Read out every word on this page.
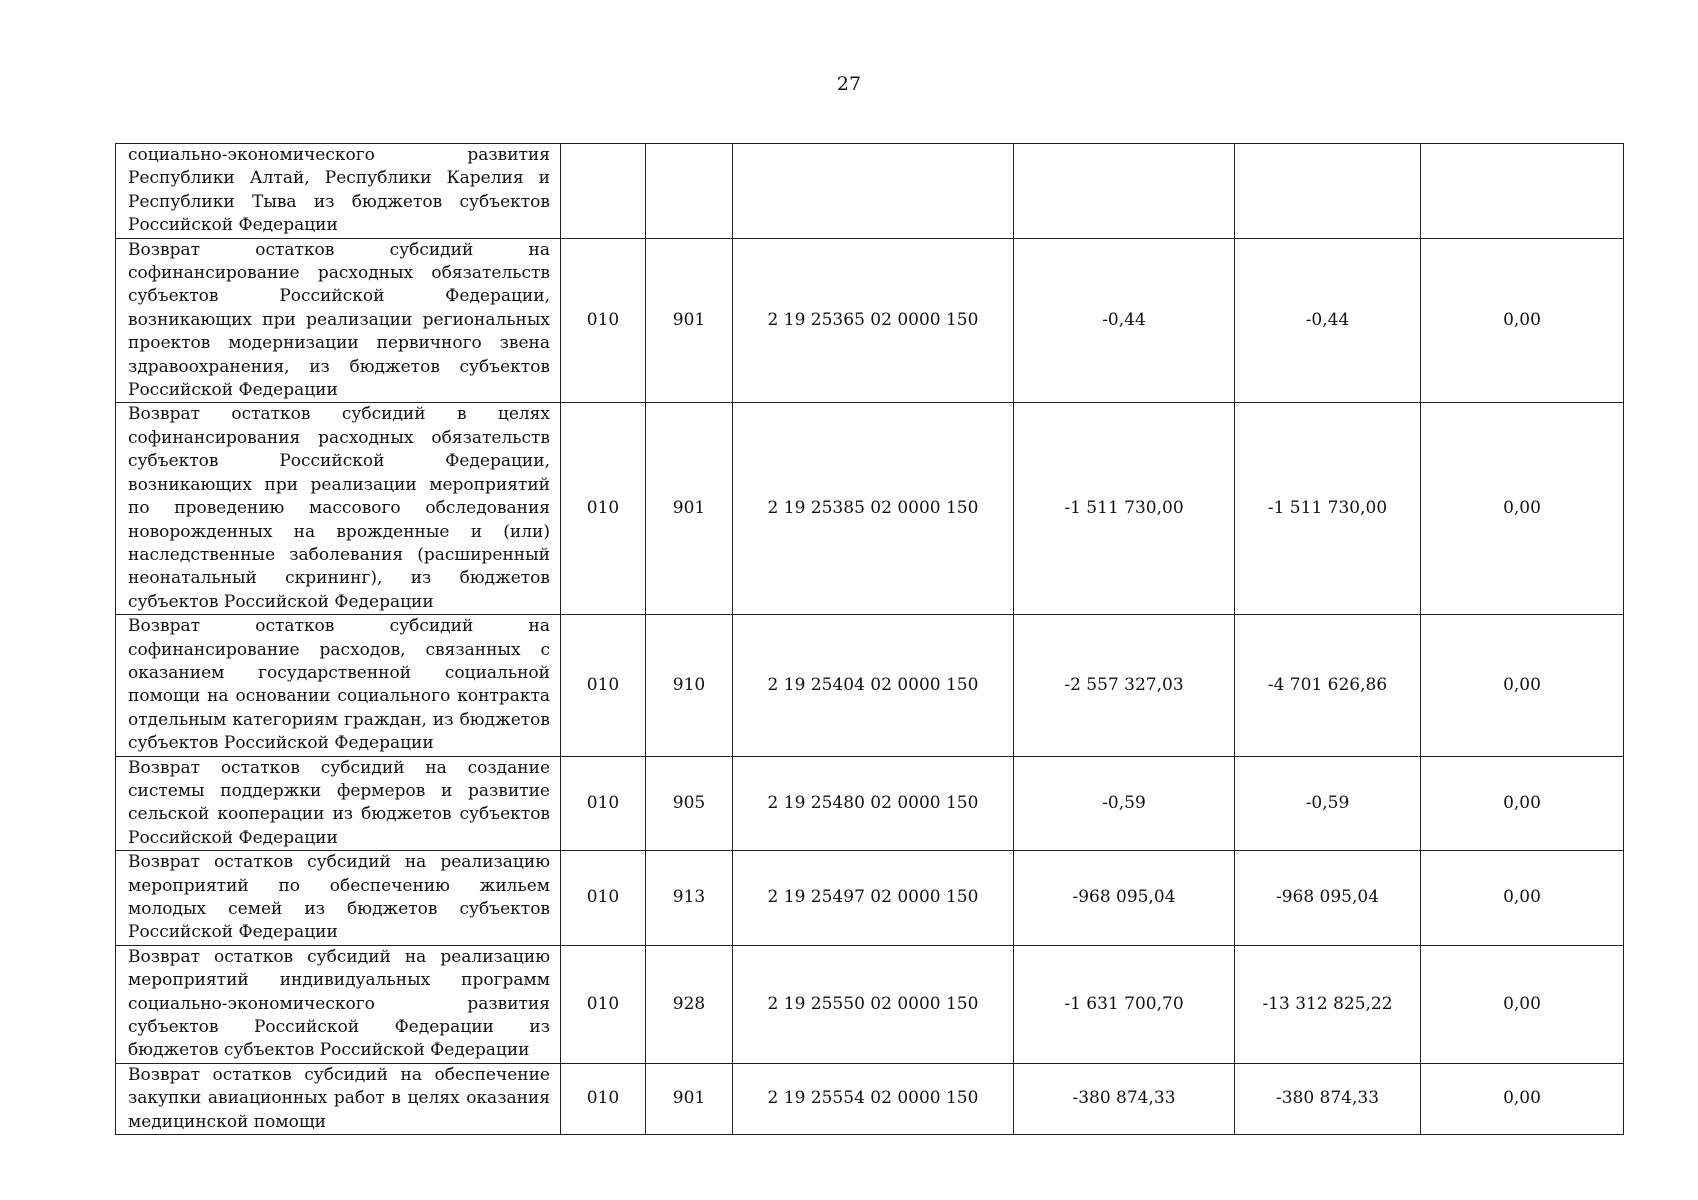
27
социально-экономического развития Республики Алтай, Республики Карелия и Республики Тыва из бюджетов субъектов Российской Федерации						
Возврат остатков субсидий на софинансирование расходных обязательств субъектов Российской Федерации, возникающих при реализации региональных проектов модернизации первичного звена здравоохранения, из бюджетов субъектов Российской Федерации	010	901	2 19 25365 02 0000 150	-0,44	-0,44	0,00
Возврат остатков субсидий в целях софинансирования расходных обязательств субъектов Российской Федерации, возникающих при реализации мероприятий по проведению массового обследования новорожденных на врожденные и (или) наследственные заболевания (расширенный неонатальный скрининг), из бюджетов субъектов Российской Федерации	010	901	2 19 25385 02 0000 150	-1 511 730,00	-1 511 730,00	0,00
Возврат остатков субсидий на софинансирование расходов, связанных с оказанием государственной социальной помощи на основании социального контракта отдельным категориям граждан, из бюджетов субъектов Российской Федерации	010	910	2 19 25404 02 0000 150	-2 557 327,03	-4 701 626,86	0,00
Возврат остатков субсидий на создание системы поддержки фермеров и развитие сельской кооперации из бюджетов субъектов Российской Федерации	010	905	2 19 25480 02 0000 150	-0,59	-0,59	0,00
Возврат остатков субсидий на реализацию мероприятий по обеспечению жильем молодых семей из бюджетов субъектов Российской Федерации	010	913	2 19 25497 02 0000 150	-968 095,04	-968 095,04	0,00
Возврат остатков субсидий на реализацию мероприятий индивидуальных программ социально-экономического развития субъектов Российской Федерации из бюджетов субъектов Российской Федерации	010	928	2 19 25550 02 0000 150	-1 631 700,70	-13 312 825,22	0,00
Возврат остатков субсидий на обеспечение закупки авиационных работ в целях оказания медицинской помощи	010	901	2 19 25554 02 0000 150	-380 874,33	-380 874,33	0,00
